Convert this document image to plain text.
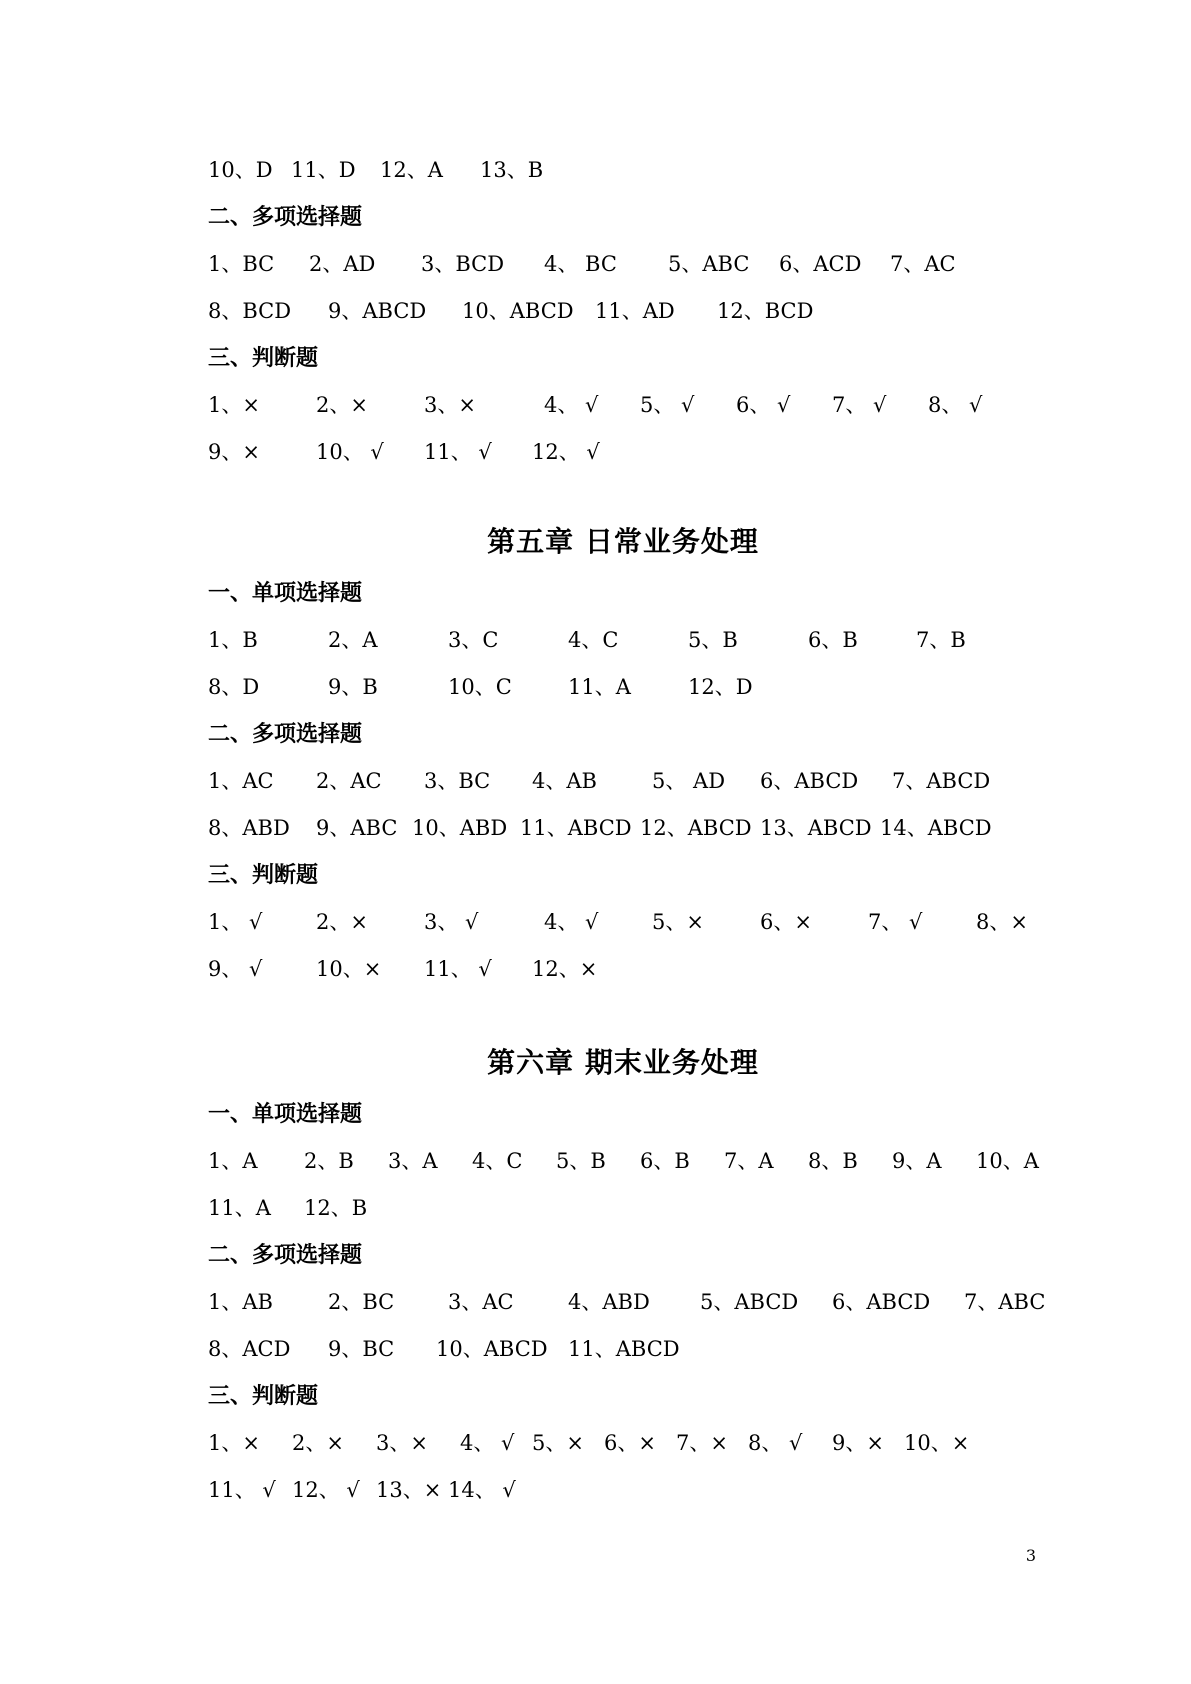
10、D 11、D	12、A	13、B
二、多项选择题
1、BC	2、AD	3、BCD	4、 BC	5、ABC	6、ACD	7、AC
8、BCD	9、ABCD	10、ABCD	11、AD	12、BCD
三、判断题
1、×	2、×	3、×	4、 √	5、 √	6、 √	7、 √	8、 √
9、×	10、 √	11、 √	12、 √
第五章 日常业务处理
一、单项选择题
1、B	2、A	3、C	4、C	5、B	6、B	7、B
8、D	9、B	10、C	11、A	12、D
二、多项选择题
1、AC	2、AC	3、BC	4、AB	5、 AD	6、ABCD	7、ABCD
8、ABD	9、ABC 10、ABD 11、ABCD 12、ABCD 13、ABCD 14、ABCD
三、判断题
1、 √	2、×	3、 √	4、 √	5、×	6、×	7、 √	8、×
9、 √	10、×	11、 √	12、×
第六章 期末业务处理
一、单项选择题
1、A	2、B	3、A	4、C	5、B	6、B	7、A	8、B	9、A	10、A
11、A	12、B
二、多项选择题
1、AB	2、BC	3、AC	4、ABD	5、ABCD	6、ABCD	7、ABC
8、ACD	9、BC	10、ABCD 11、ABCD
三、判断题
1、×	2、×	3、×	4、 √ 5、× 6、× 7、× 8、 √	9、× 10、×
11、 √ 12、 √ 13、× 14、 √
3
